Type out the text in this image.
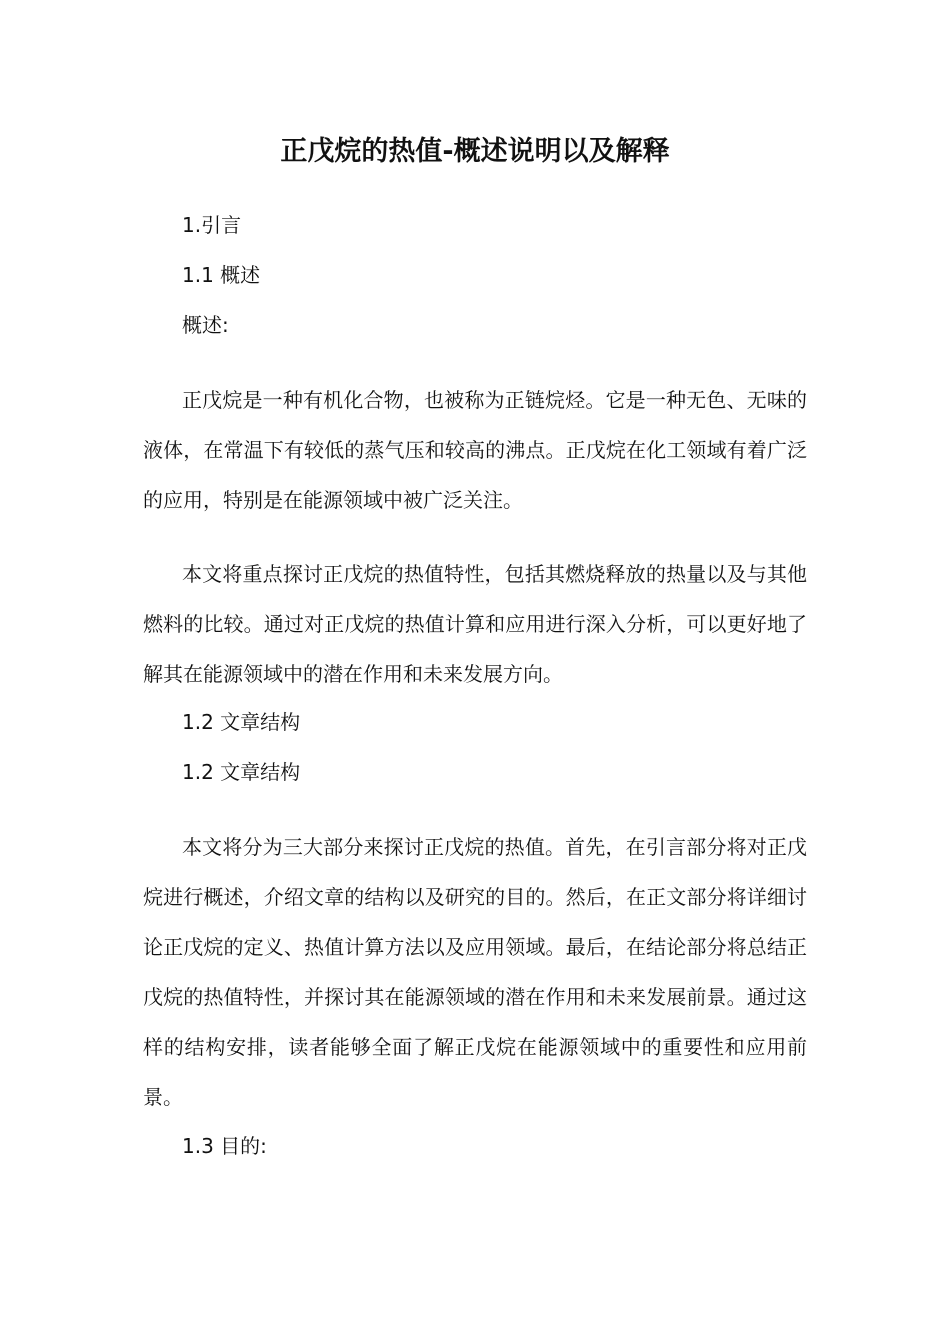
正戊烷的热值-概述说明以及解释
1.引言
1.1 概述
概述:

正戊烷是一种有机化合物，也被称为正链烷烃。它是一种无色、无味的液体，在常温下有较低的蒸气压和较高的沸点。正戊烷在化工领域有着广泛的应用，特别是在能源领域中被广泛关注。

本文将重点探讨正戊烷的热值特性，包括其燃烧释放的热量以及与其他燃料的比较。通过对正戊烷的热值计算和应用进行深入分析，可以更好地了解其在能源领域中的潜在作用和未来发展方向。

1.2 文章结构
1.2 文章结构

本文将分为三大部分来探讨正戊烷的热值。首先，在引言部分将对正戊烷进行概述，介绍文章的结构以及研究的目的。然后，在正文部分将详细讨论正戊烷的定义、热值计算方法以及应用领域。最后，在结论部分将总结正戊烷的热值特性，并探讨其在能源领域的潜在作用和未来发展前景。通过这样的结构安排，读者能够全面了解正戊烷在能源领域中的重要性和应用前景。

1.3 目的:
